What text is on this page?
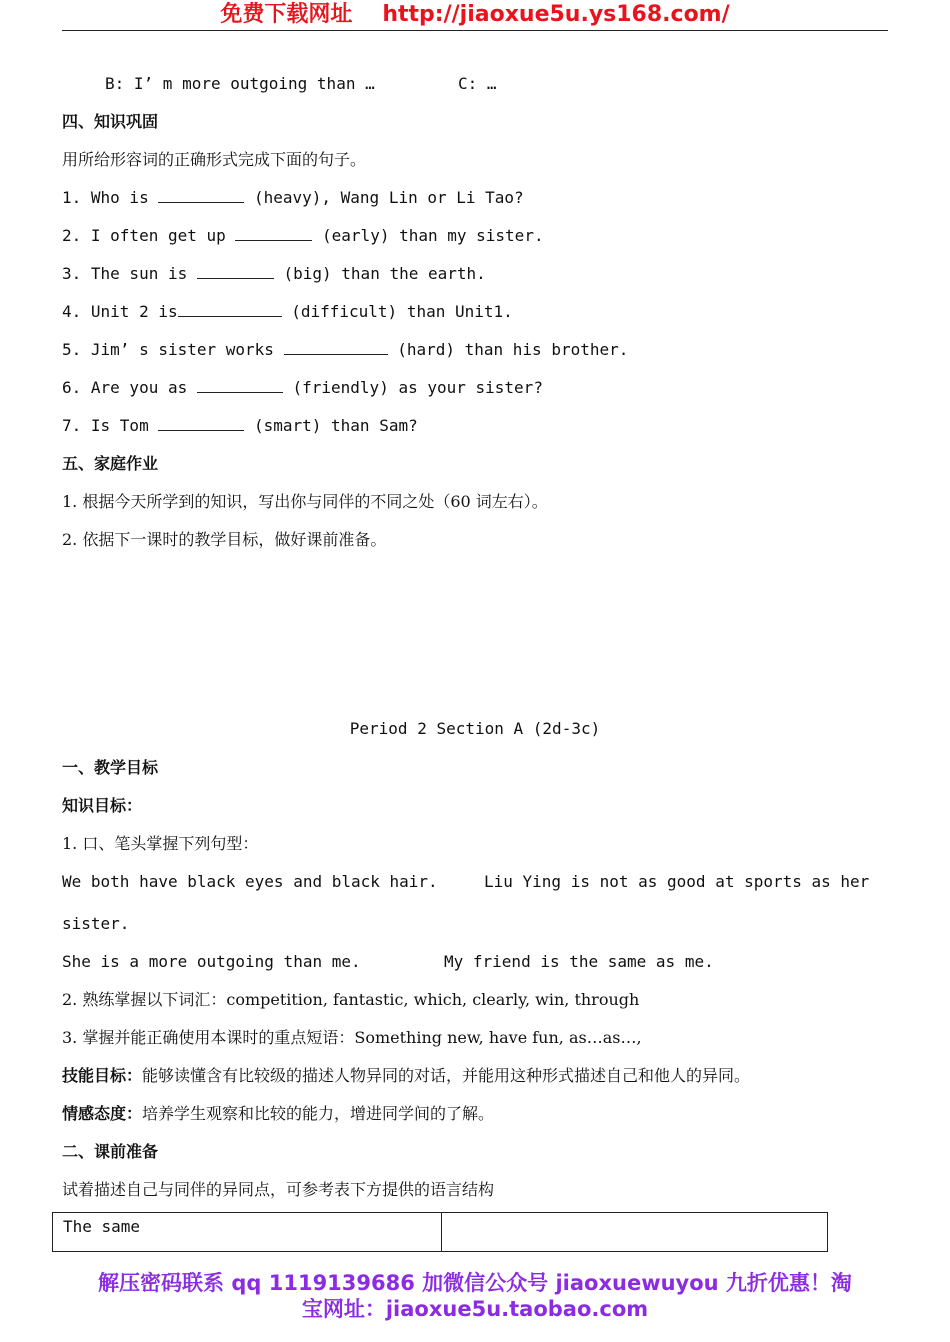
免费下载网址 http://jiaoxue5u.ys168.com/
B: I’ m more outgoing than …	C: …
四、知识巩固
用所给形容词的正确形式完成下面的句子。
1. Who is	(heavy), Wang Lin or Li Tao?
2. I often get up	(early) than my sister.
3. The sun is	(big) than the earth.
4. Unit 2 is	(difficult) than Unit1.
5. Jim’ s sister works	(hard) than his brother.
6. Are you as	(friendly) as your sister?
7. Is Tom	(smart) than Sam?
五、家庭作业
1. 根据今天所学到的知识，写出你与同伴的不同之处（60 词左右）。
2. 依据下一课时的教学目标，做好课前准备。
Period 2 Section A (2d-3c)
一、教学目标
知识目标：
1. 口、笔头掌握下列句型：
We both have black eyes and black hair.	Liu Ying is not as good at sports as her
sister.
She is a more outgoing than me.	My friend is the same as me.
2. 熟练掌握以下词汇：competition, fantastic, which, clearly, win, through
3. 掌握并能正确使用本课时的重点短语：Something new, have fun, as…as…,
技能目标：能够读懂含有比较级的描述人物异同的对话，并能用这种形式描述自己和他人的异同。
情感态度：培养学生观察和比较的能力，增进同学间的了解。
二、课前准备
试着描述自己与同伴的异同点，可参考表下方提供的语言结构
The same	
解压密码联系 qq 1119139686 加微信公众号 jiaoxuewuyou 九折优惠！淘
宝网址：jiaoxue5u.taobao.com
